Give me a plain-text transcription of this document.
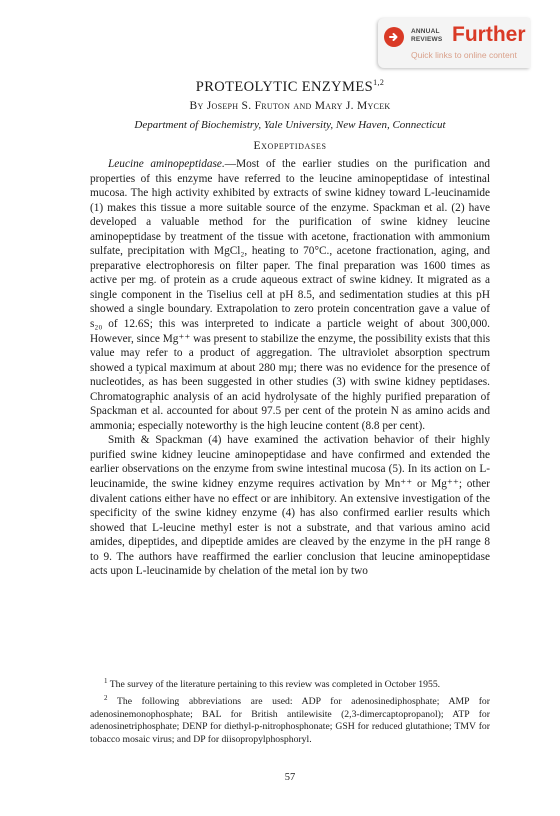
ANNUAL
REVIEWS Further
Quick links to online content
PROTEOLYTIC ENZYMES$^{1,2}$
By Joseph S. Fruton and Mary J. Mycek
Department of Biochemistry, Yale University, New Haven, Connecticut
Exopeptidases

Leucine aminopeptidase.—Most of the earlier studies on the purification and properties of this enzyme have referred to the leucine aminopeptidase of intestinal mucosa. The high activity exhibited by extracts of swine kidney toward L-leucinamide (1) makes this tissue a more suitable source of the enzyme. Spackman et al. (2) have developed a valuable method for the purification of swine kidney leucine aminopeptidase by treatment of the tissue with acetone, fractionation with ammonium sulfate, precipitation with MgCl₂, heating to 70°C., acetone fractionation, aging, and preparative electrophoresis on filter paper. The final preparation was 1600 times as active per mg. of protein as a crude aqueous extract of swine kidney. It migrated as a single component in the Tiselius cell at pH 8.5, and sedimentation studies at this pH showed a single boundary. Extrapolation to zero protein concentration gave a value of s₂₀ of 12.6S; this was interpreted to indicate a particle weight of about 300,000. However, since Mg⁺⁺ was present to stabilize the enzyme, the possibility exists that this value may refer to a product of aggregation. The ultraviolet absorption spectrum showed a typical maximum at about 280 mμ; there was no evidence for the presence of nucleotides, as has been suggested in other studies (3) with swine kidney peptidases. Chromatographic analysis of an acid hydrolysate of the highly purified preparation of Spackman et al. accounted for about 97.5 per cent of the protein N as amino acids and ammonia; especially noteworthy is the high leucine content (8.8 per cent).

Smith & Spackman (4) have examined the activation behavior of their highly purified swine kidney leucine aminopeptidase and have confirmed and extended the earlier observations on the enzyme from swine intestinal mucosa (5). In its action on L-leucinamide, the swine kidney enzyme requires activation by Mn⁺⁺ or Mg⁺⁺; other divalent cations either have no effect or are inhibitory. An extensive investigation of the specificity of the swine kidney enzyme (4) has also confirmed earlier results which showed that L-leucine methyl ester is not a substrate, and that various amino acid amides, dipeptides, and dipeptide amides are cleaved by the enzyme in the pH range 8 to 9. The authors have reaffirmed the earlier conclusion that leucine aminopeptidase acts upon L-leucinamide by chelation of the metal ion by two

$^1$ The survey of the literature pertaining to this review was completed in October 1955.

$^2$ The following abbreviations are used: ADP for adenosinediphosphate; AMP for adenosinemonophosphate; BAL for British antilewisite (2,3-dimercaptopropanol); ATP for adenosinetriphosphate; DENP for diethyl-p-nitrophosphonate; GSH for reduced glutathione; TMV for tobacco mosaic virus; and DP for diisopropylphosphoryl.

57
